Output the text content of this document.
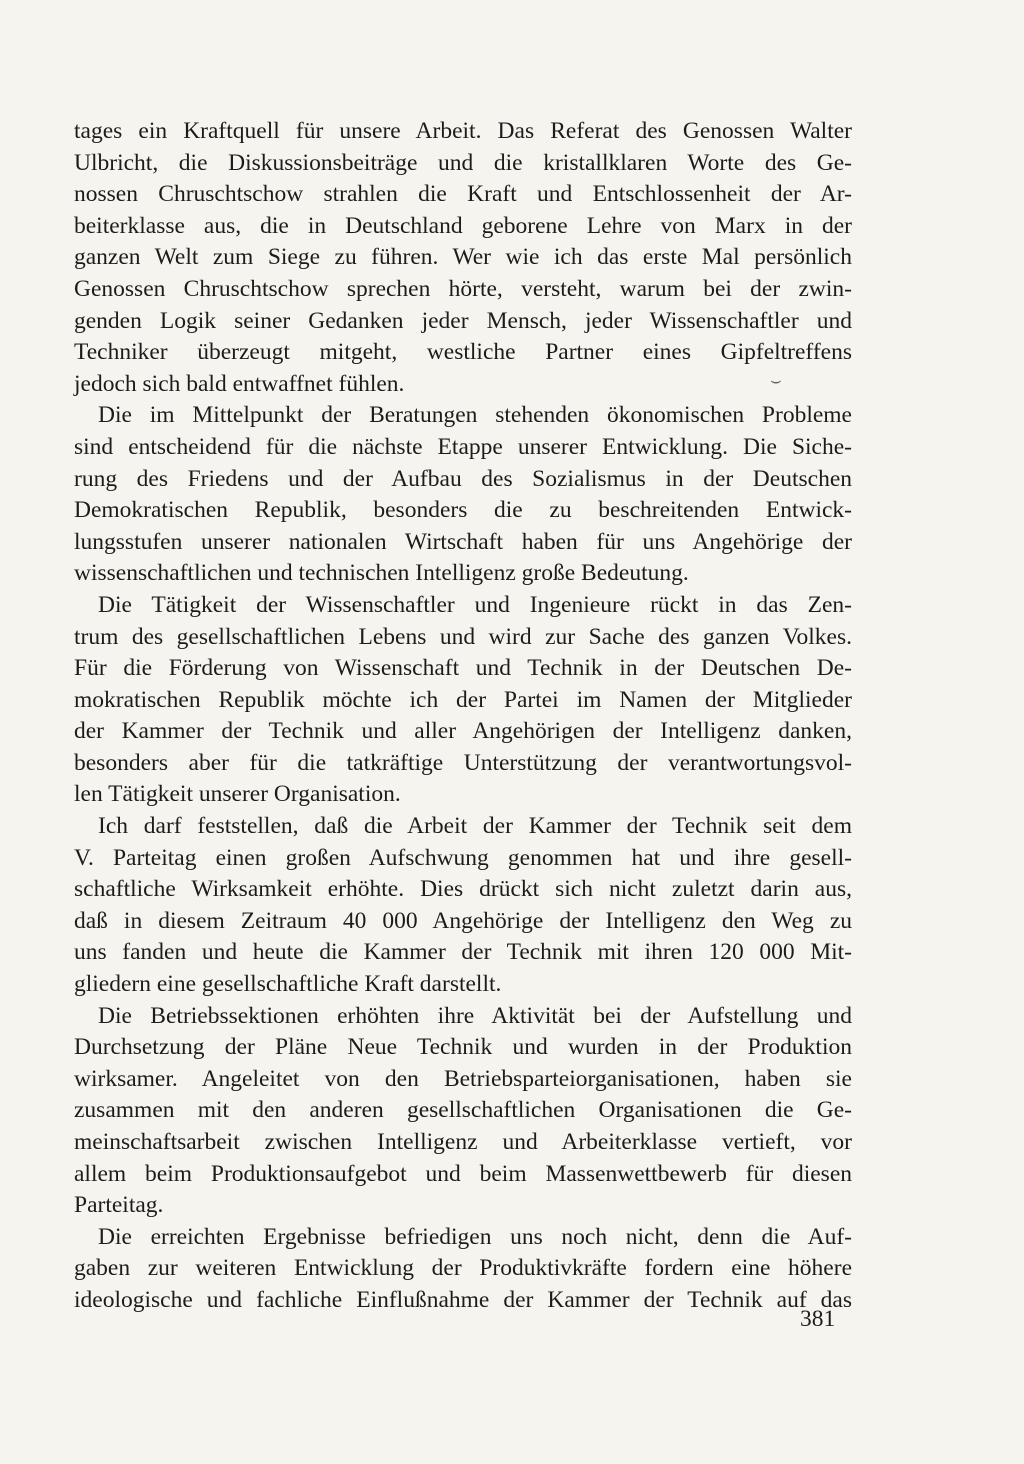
⌣
tages ein Kraftquell für unsere Arbeit. Das Referat des Genossen Walter
Ulbricht, die Diskussionsbeiträge und die kristallklaren Worte des Ge-
nossen Chruschtschow strahlen die Kraft und Entschlossenheit der Ar-
beiterklasse aus, die in Deutschland geborene Lehre von Marx in der
ganzen Welt zum Siege zu führen. Wer wie ich das erste Mal persönlich
Genossen Chruschtschow sprechen hörte, versteht, warum bei der zwin-
genden Logik seiner Gedanken jeder Mensch, jeder Wissenschaftler und
Techniker überzeugt mitgeht, westliche Partner eines Gipfeltreffens
jedoch sich bald entwaffnet fühlen.
Die im Mittelpunkt der Beratungen stehenden ökonomischen Probleme
sind entscheidend für die nächste Etappe unserer Entwicklung. Die Siche-
rung des Friedens und der Aufbau des Sozialismus in der Deutschen
Demokratischen Republik, besonders die zu beschreitenden Entwick-
lungsstufen unserer nationalen Wirtschaft haben für uns Angehörige der
wissenschaftlichen und technischen Intelligenz große Bedeutung.
Die Tätigkeit der Wissenschaftler und Ingenieure rückt in das Zen-
trum des gesellschaftlichen Lebens und wird zur Sache des ganzen Volkes.
Für die Förderung von Wissenschaft und Technik in der Deutschen De-
mokratischen Republik möchte ich der Partei im Namen der Mitglieder
der Kammer der Technik und aller Angehörigen der Intelligenz danken,
besonders aber für die tatkräftige Unterstützung der verantwortungsvol-
len Tätigkeit unserer Organisation.
Ich darf feststellen, daß die Arbeit der Kammer der Technik seit dem
V. Parteitag einen großen Aufschwung genommen hat und ihre gesell-
schaftliche Wirksamkeit erhöhte. Dies drückt sich nicht zuletzt darin aus,
daß in diesem Zeitraum 40 000 Angehörige der Intelligenz den Weg zu
uns fanden und heute die Kammer der Technik mit ihren 120 000 Mit-
gliedern eine gesellschaftliche Kraft darstellt.
Die Betriebssektionen erhöhten ihre Aktivität bei der Aufstellung und
Durchsetzung der Pläne Neue Technik und wurden in der Produktion
wirksamer. Angeleitet von den Betriebsparteiorganisationen, haben sie
zusammen mit den anderen gesellschaftlichen Organisationen die Ge-
meinschaftsarbeit zwischen Intelligenz und Arbeiterklasse vertieft, vor
allem beim Produktionsaufgebot und beim Massenwettbewerb für diesen
Parteitag.
Die erreichten Ergebnisse befriedigen uns noch nicht, denn die Auf-
gaben zur weiteren Entwicklung der Produktivkräfte fordern eine höhere
ideologische und fachliche Einflußnahme der Kammer der Technik auf das
381
